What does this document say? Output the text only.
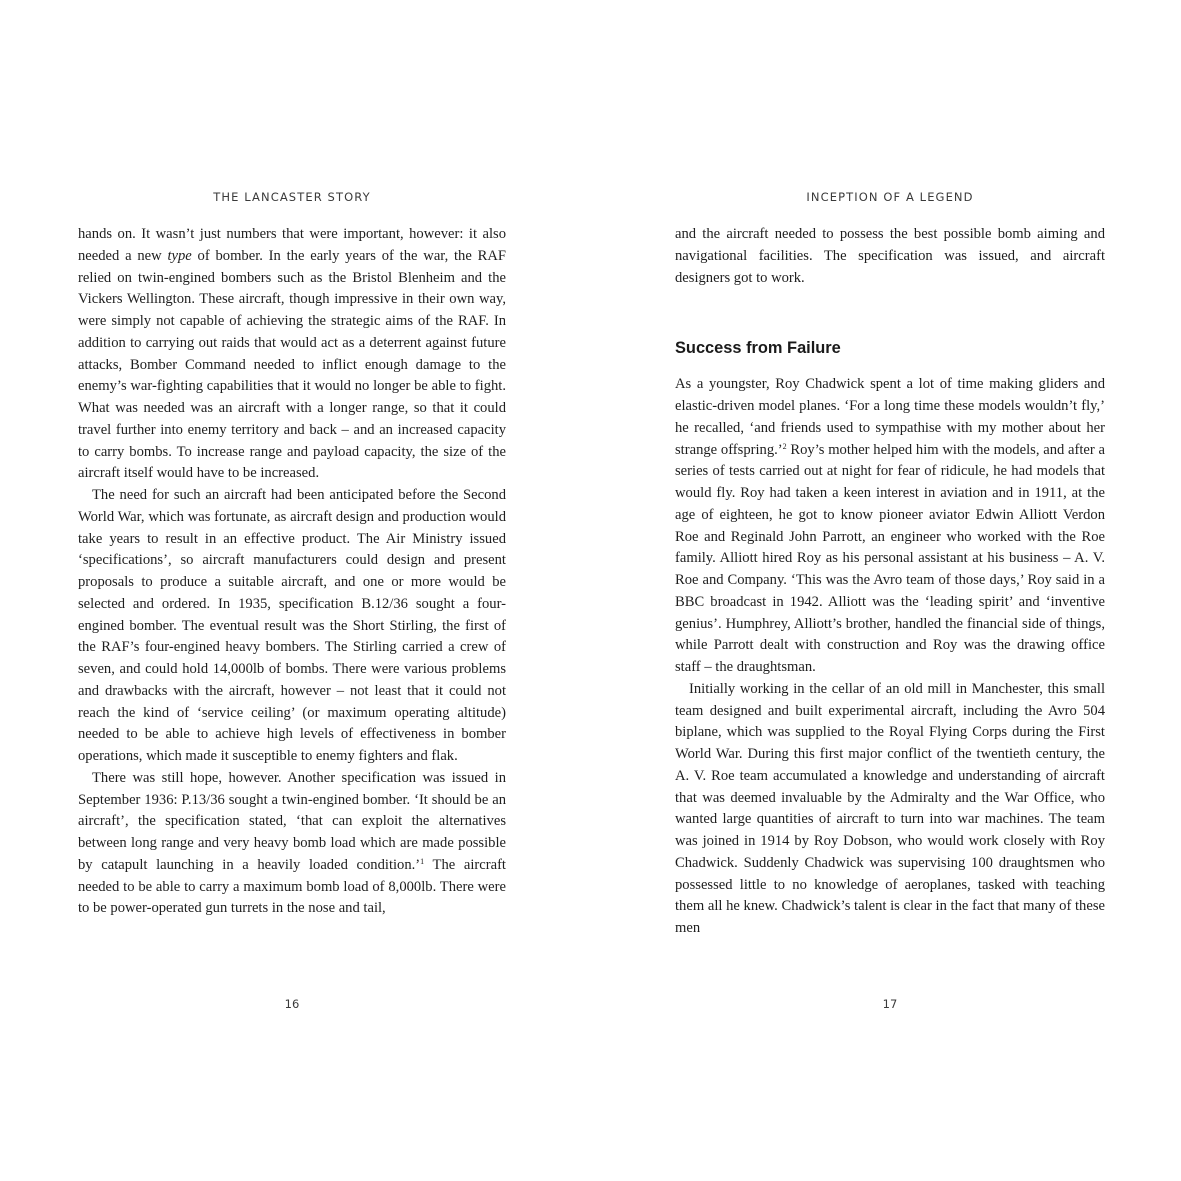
THE LANCASTER STORY

hands on. It wasn’t just numbers that were important, however: it also needed a new type of bomber. In the early years of the war, the RAF relied on twin-engined bombers such as the Bristol Blenheim and the Vickers Wellington. These aircraft, though impressive in their own way, were simply not capable of achieving the strategic aims of the RAF. In addition to carrying out raids that would act as a deterrent against future attacks, Bomber Command needed to inflict enough damage to the enemy’s war-fighting capabilities that it would no longer be able to fight. What was needed was an aircraft with a longer range, so that it could travel further into enemy territory and back – and an increased capacity to carry bombs. To increase range and payload capacity, the size of the aircraft itself would have to be increased.

The need for such an aircraft had been anticipated before the Second World War, which was fortunate, as aircraft design and production would take years to result in an effective product. The Air Ministry issued ‘specifications’, so aircraft manufacturers could design and present proposals to produce a suitable aircraft, and one or more would be selected and ordered. In 1935, specification B.12/36 sought a four-engined bomber. The eventual result was the Short Stirling, the first of the RAF’s four-engined heavy bombers. The Stirling carried a crew of seven, and could hold 14,000lb of bombs. There were various problems and drawbacks with the aircraft, however – not least that it could not reach the kind of ‘service ceiling’ (or maximum operating altitude) needed to be able to achieve high levels of effectiveness in bomber operations, which made it susceptible to enemy fighters and flak.

There was still hope, however. Another specification was issued in September 1936: P.13/36 sought a twin-engined bomber. ‘It should be an aircraft’, the specification stated, ‘that can exploit the alternatives between long range and very heavy bomb load which are made possible by catapult launching in a heavily loaded condition.’$^1$ The aircraft needed to be able to carry a maximum bomb load of 8,000lb. There were to be power-operated gun turrets in the nose and tail,

16
INCEPTION OF A LEGEND

and the aircraft needed to possess the best possible bomb aiming and navigational facilities. The specification was issued, and aircraft designers got to work.

Success from Failure

As a youngster, Roy Chadwick spent a lot of time making gliders and elastic-driven model planes. ‘For a long time these models wouldn’t fly,’ he recalled, ‘and friends used to sympathise with my mother about her strange offspring.’$^2$ Roy’s mother helped him with the models, and after a series of tests carried out at night for fear of ridicule, he had models that would fly. Roy had taken a keen interest in aviation and in 1911, at the age of eighteen, he got to know pioneer aviator Edwin Alliott Verdon Roe and Reginald John Parrott, an engineer who worked with the Roe family. Alliott hired Roy as his personal assistant at his business – A. V. Roe and Company. ‘This was the Avro team of those days,’ Roy said in a BBC broadcast in 1942. Alliott was the ‘leading spirit’ and ‘inventive genius’. Humphrey, Alliott’s brother, handled the financial side of things, while Parrott dealt with construction and Roy was the drawing office staff – the draughtsman.

Initially working in the cellar of an old mill in Manchester, this small team designed and built experimental aircraft, including the Avro 504 biplane, which was supplied to the Royal Flying Corps during the First World War. During this first major conflict of the twentieth century, the A. V. Roe team accumulated a knowledge and understanding of aircraft that was deemed invaluable by the Admiralty and the War Office, who wanted large quantities of aircraft to turn into war machines. The team was joined in 1914 by Roy Dobson, who would work closely with Roy Chadwick. Suddenly Chadwick was supervising 100 draughtsmen who possessed little to no knowledge of aeroplanes, tasked with teaching them all he knew. Chadwick’s talent is clear in the fact that many of these men

17
